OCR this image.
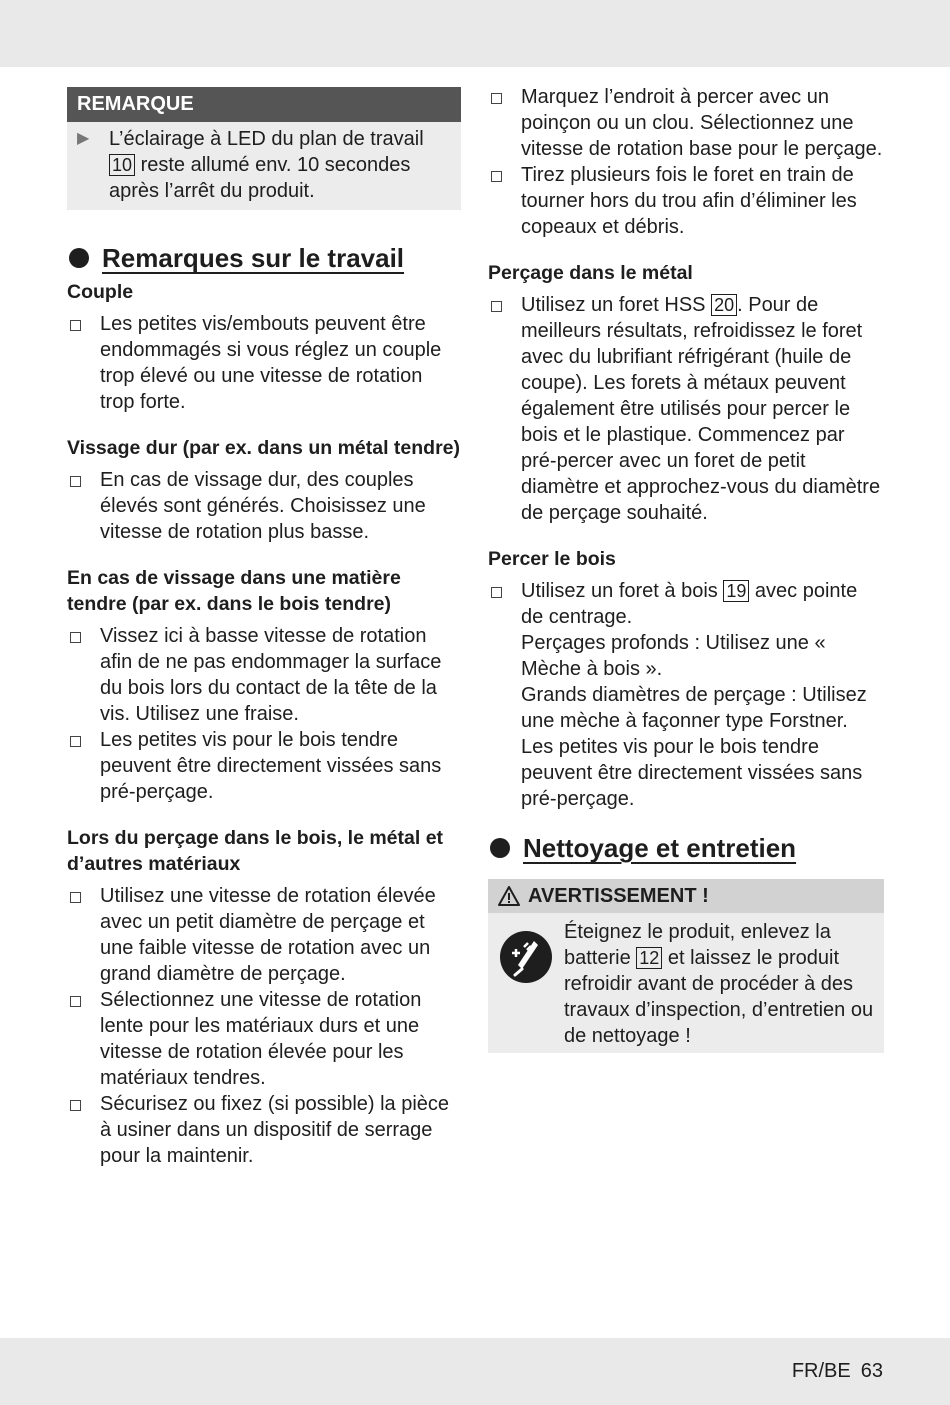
REMARQUE
▶ L’éclairage à LED du plan de travail 10 reste allumé env. 10 secondes après l’arrêt du produit.

Remarques sur le travail

Couple

Les petites vis/embouts peuvent être endommagés si vous réglez un couple trop élevé ou une vitesse de rotation trop forte.

Vissage dur (par ex. dans un métal tendre)

En cas de vissage dur, des couples élevés sont générés. Choisissez une vitesse de rotation plus basse.

En cas de vissage dans une matière tendre (par ex. dans le bois tendre)

Vissez ici à basse vitesse de rotation afin de ne pas endommager la surface du bois lors du contact de la tête de la vis. Utilisez une fraise.

Les petites vis pour le bois tendre peuvent être directement vissées sans pré-perçage.

Lors du perçage dans le bois, le métal et d’autres matériaux

Utilisez une vitesse de rotation élevée avec un petit diamètre de perçage et une faible vitesse de rotation avec un grand diamètre de perçage.

Sélectionnez une vitesse de rotation lente pour les matériaux durs et une vitesse de rotation élevée pour les matériaux tendres.

Sécurisez ou fixez (si possible) la pièce à usiner dans un dispositif de serrage pour la maintenir.

Marquez l’endroit à percer avec un poinçon ou un clou. Sélectionnez une vitesse de rotation base pour le perçage.

Tirez plusieurs fois le foret en train de tourner hors du trou afin d’éliminer les copeaux et débris.

Perçage dans le métal

Utilisez un foret HSS 20 . Pour de meilleurs résultats, refroidissez le foret avec du lubrifiant réfrigérant (huile de coupe). Les forets à métaux peuvent également être utilisés pour percer le bois et le plastique. Commencez par pré-percer avec un foret de petit diamètre et approchez-vous du diamètre de perçage souhaité.

Percer le bois

Utilisez un foret à bois 19 avec pointe de centrage.

Perçages profonds : Utilisez une « Mèche à bois ».

Grands diamètres de perçage : Utilisez une mèche à façonner type Forstner.

Les petites vis pour le bois tendre peuvent être directement vissées sans pré-perçage.

Nettoyage et entretien
AVERTISSEMENT !

Éteignez le produit, enlevez la batterie 12 et laissez le produit refroidir avant de procéder à des travaux d’inspection, d’entretien ou de nettoyage !

FR/BE 63
